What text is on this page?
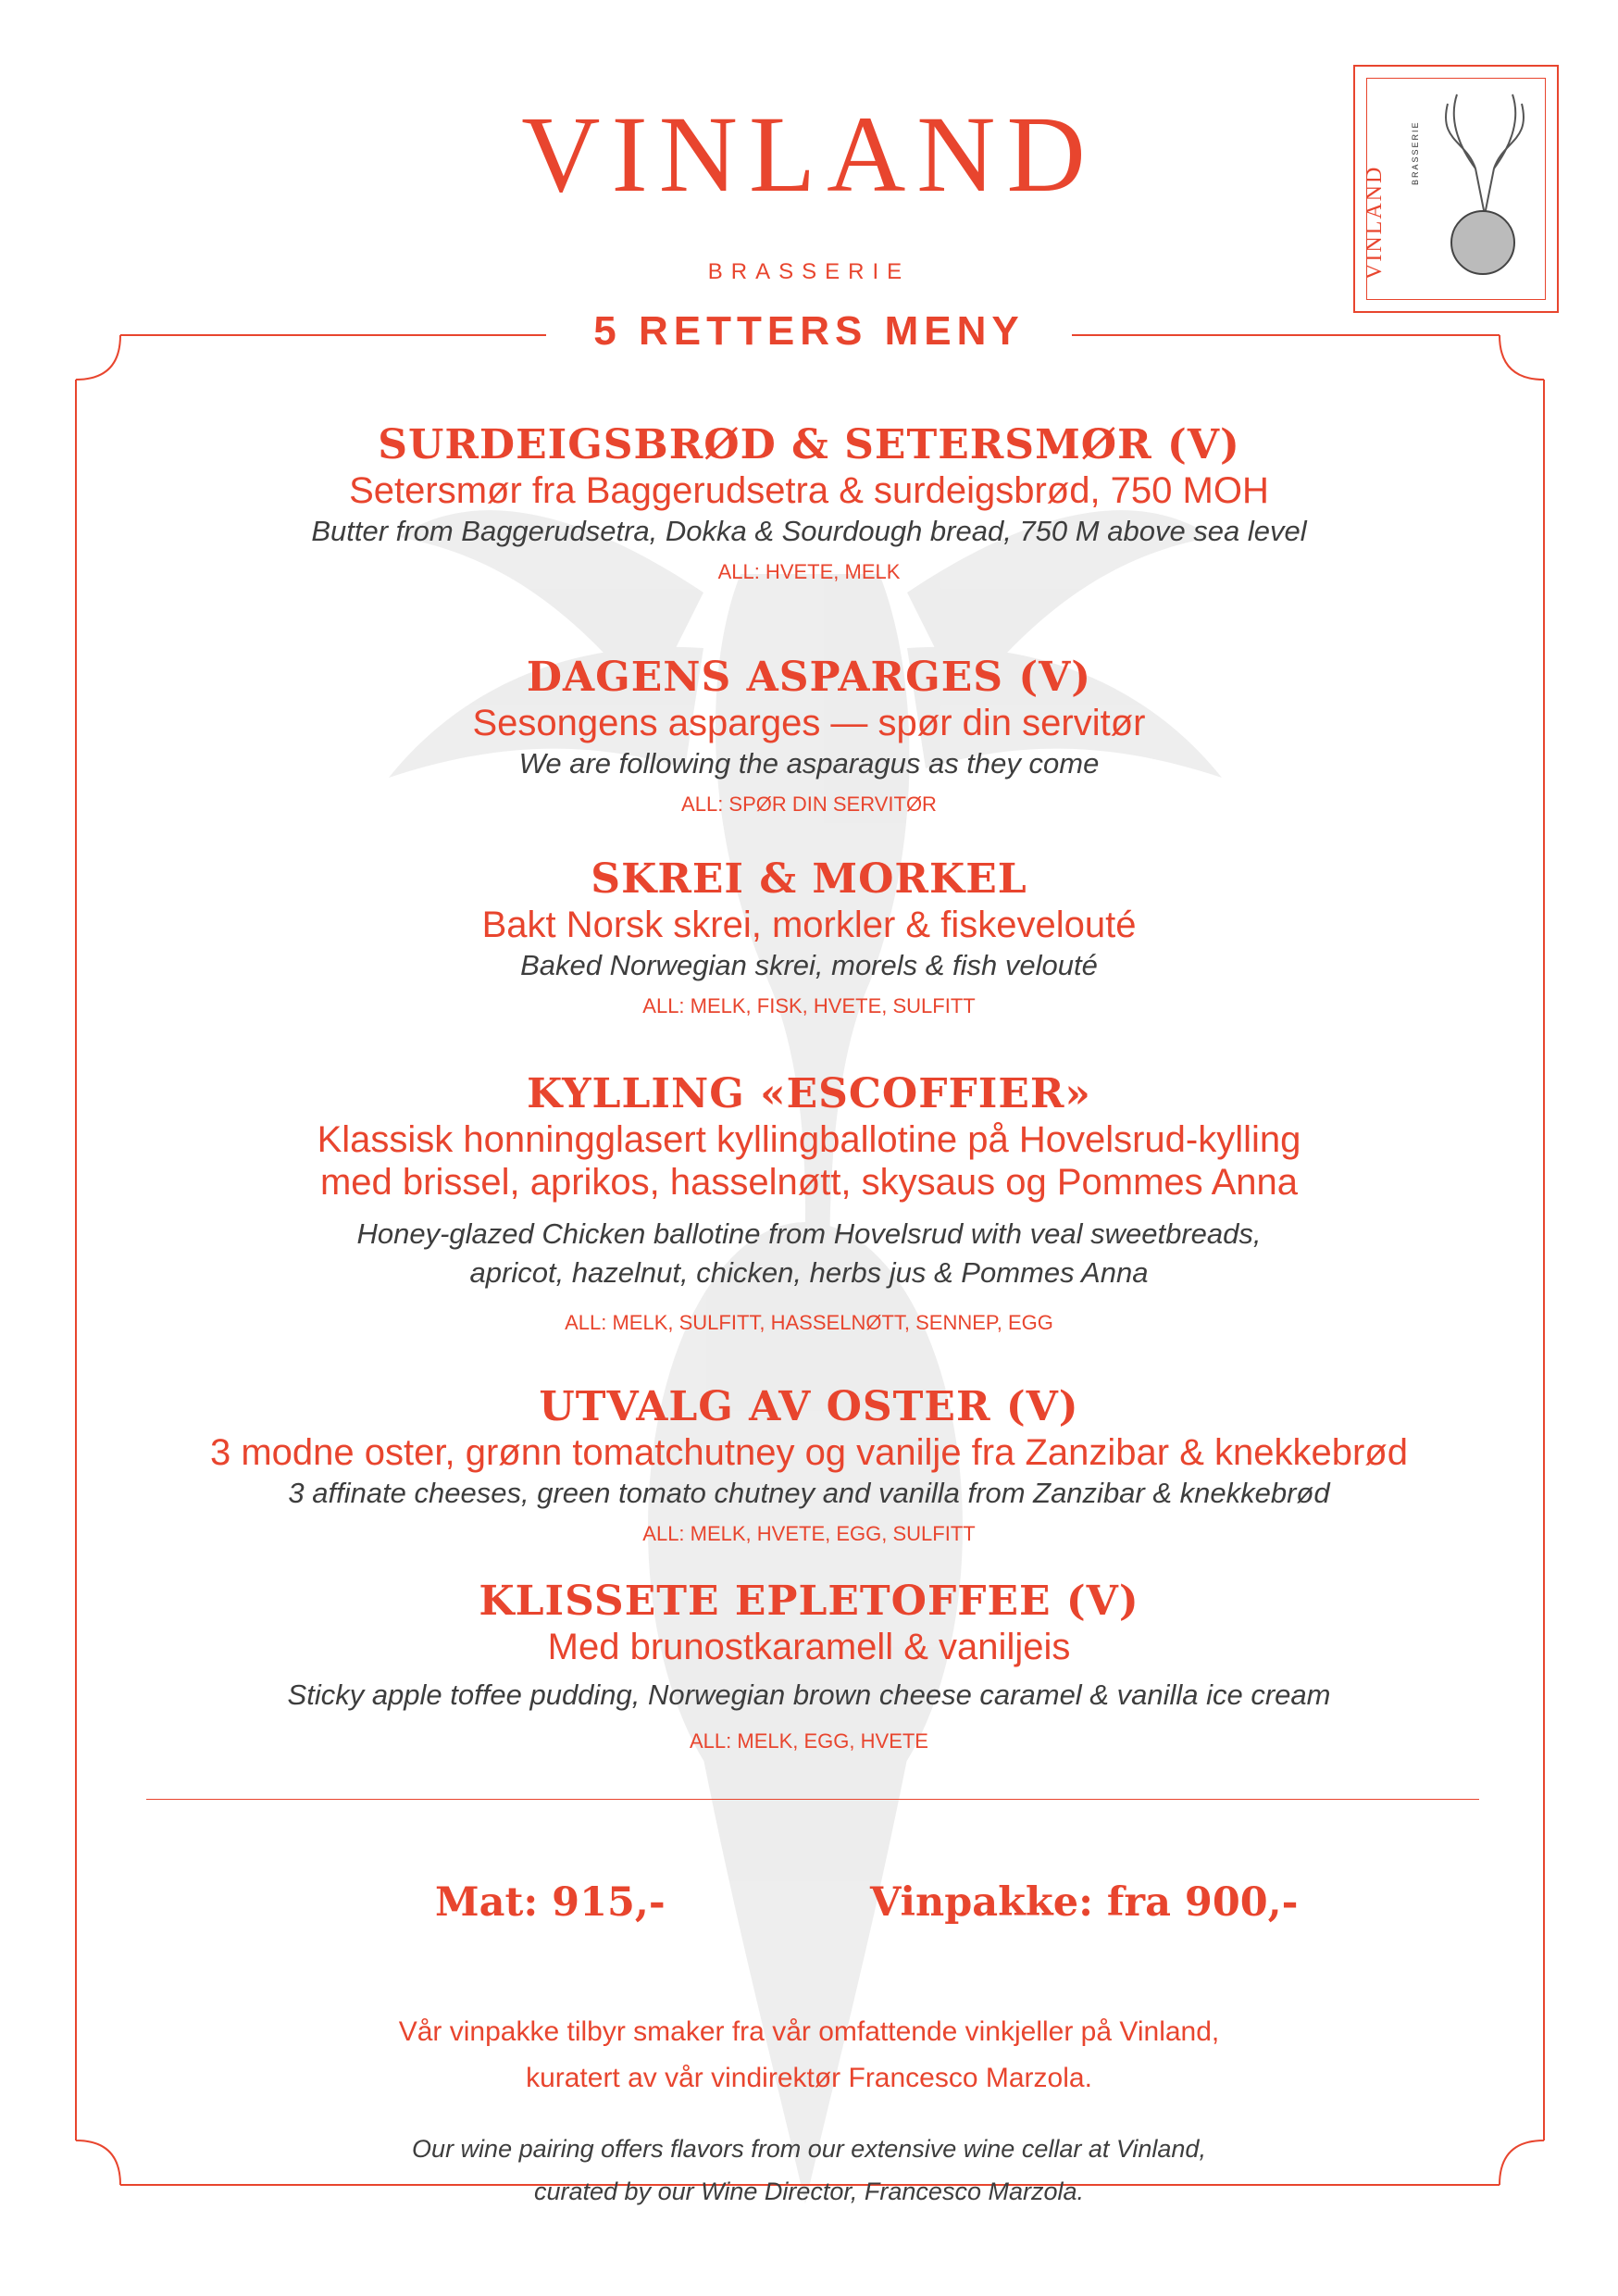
VINLAND
BRASSERIE
5 RETTERS MENY
VINLAND
BRASSERIE
SURDEIGSBRØD & SETERSMØR (V)
Setersmør fra Baggerudsetra & surdeigsbrød, 750 MOH
Butter from Baggerudsetra, Dokka & Sourdough bread, 750 M above sea level
ALL: HVETE, MELK
DAGENS ASPARGES (V)
Sesongens asparges — spør din servitør
We are following the asparagus as they come
ALL: SPØR DIN SERVITØR
SKREI & MORKEL
Bakt Norsk skrei, morkler & fiskevelouté
Baked Norwegian skrei, morels & fish velouté
ALL: MELK, FISK, HVETE, SULFITT
KYLLING «ESCOFFIER»
Klassisk honningglasert kyllingballotine på Hovelsrud-kylling
med brissel, aprikos, hasselnøtt, skysaus og Pommes Anna
Honey-glazed Chicken ballotine from Hovelsrud with veal sweetbreads,
apricot, hazelnut, chicken, herbs jus & Pommes Anna
ALL: MELK, SULFITT, HASSELNØTT, SENNEP, EGG
UTVALG AV OSTER (V)
3 modne oster, grønn tomatchutney og vanilje fra Zanzibar & knekkebrød
3 affinate cheeses, green tomato chutney and vanilla from Zanzibar & knekkebrød
ALL: MELK, HVETE, EGG, SULFITT
KLISSETE EPLETOFFEE (V)
Med brunostkaramell & vaniljeis
Sticky apple toffee pudding, Norwegian brown cheese caramel & vanilla ice cream
ALL: MELK, EGG, HVETE
Mat: 915,-	Vinpakke: fra 900,-
Vår vinpakke tilbyr smaker fra vår omfattende vinkjeller på Vinland,
kuratert av vår vindirektør Francesco Marzola.
Our wine pairing offers flavors from our extensive wine cellar at Vinland,
curated by our Wine Director, Francesco Marzola.
